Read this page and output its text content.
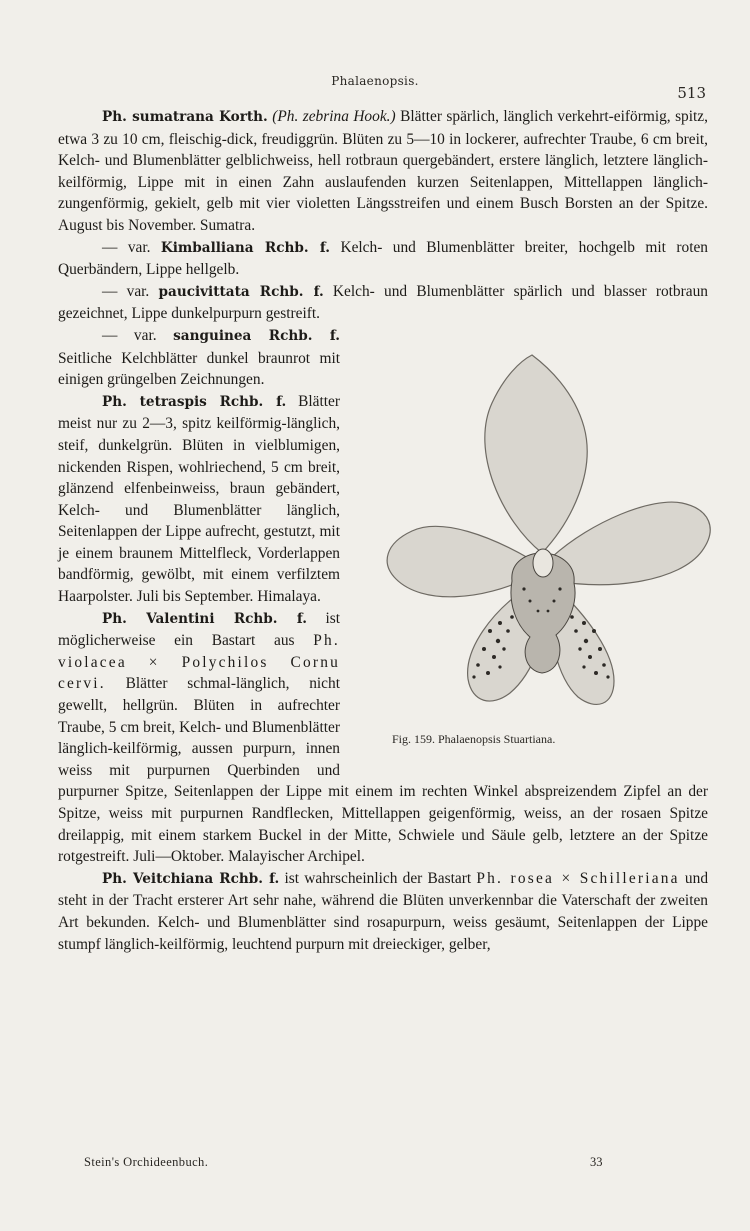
Phalaenopsis.
513

Ph. sumatrana Korth. (Ph. zebrina Hook.) Blätter spärlich, länglich verkehrt-eiförmig, spitz, etwa 3 zu 10 cm, fleischig-dick, freudiggrün. Blüten zu 5—10 in lockerer, aufrechter Traube, 6 cm breit, Kelch- und Blumenblätter gelblichweiss, hell rotbraun quergebändert, erstere länglich, letztere länglich-keilförmig, Lippe mit in einen Zahn auslaufenden kurzen Seitenlappen, Mittellappen länglich-zungenförmig, gekielt, gelb mit vier violetten Längsstreifen und einem Busch Borsten an der Spitze. August bis November. Sumatra.

— var. Kimballiana Rchb. f. Kelch- und Blumenblätter breiter, hochgelb mit roten Querbändern, Lippe hellgelb.

— var. paucivittata Rchb. f. Kelch- und Blumenblätter spärlich und blasser rotbraun gezeichnet, Lippe dunkelpurpurn gestreift.

Fig. 159. Phalaenopsis Stuartiana.

— var. sanguinea Rchb. f. Seitliche Kelchblätter dunkel braunrot mit einigen grüngelben Zeichnungen.

Ph. tetraspis Rchb. f. Blätter meist nur zu 2—3, spitz keilförmig-länglich, steif, dunkelgrün. Blüten in vielblumigen, nickenden Rispen, wohlriechend, 5 cm breit, glänzend elfenbeinweiss, braun gebändert, Kelch- und Blumenblätter länglich, Seitenlappen der Lippe aufrecht, gestutzt, mit je einem braunem Mittelfleck, Vorderlappen bandförmig, gewölbt, mit einem verfilztem Haarpolster. Juli bis September. Himalaya.

Ph. Valentini Rchb. f. ist möglicherweise ein Bastart aus Ph. violacea × Polychilos Cornu cervi. Blätter schmal-länglich, nicht gewellt, hellgrün. Blüten in aufrechter Traube, 5 cm breit, Kelch- und Blumenblätter länglich-keilförmig, aussen purpurn, innen weiss mit purpurnen Querbinden und purpurner Spitze, Seitenlappen der Lippe mit einem im rechten Winkel abspreizendem Zipfel an der Spitze, weiss mit purpurnen Randflecken, Mittellappen geigenförmig, weiss, an der rosaen Spitze dreilappig, mit einem starkem Buckel in der Mitte, Schwiele und Säule gelb, letztere an der Spitze rotgestreift. Juli—Oktober. Malayischer Archipel.

Ph. Veitchiana Rchb. f. ist wahrscheinlich der Bastart Ph. rosea × Schilleriana und steht in der Tracht ersterer Art sehr nahe, während die Blüten unverkennbar die Vaterschaft der zweiten Art bekunden. Kelch- und Blumenblätter sind rosapurpurn, weiss gesäumt, Seitenlappen der Lippe stumpf länglich-keilförmig, leuchtend purpurn mit dreieckiger, gelber,

Stein's Orchideenbuch.	33
